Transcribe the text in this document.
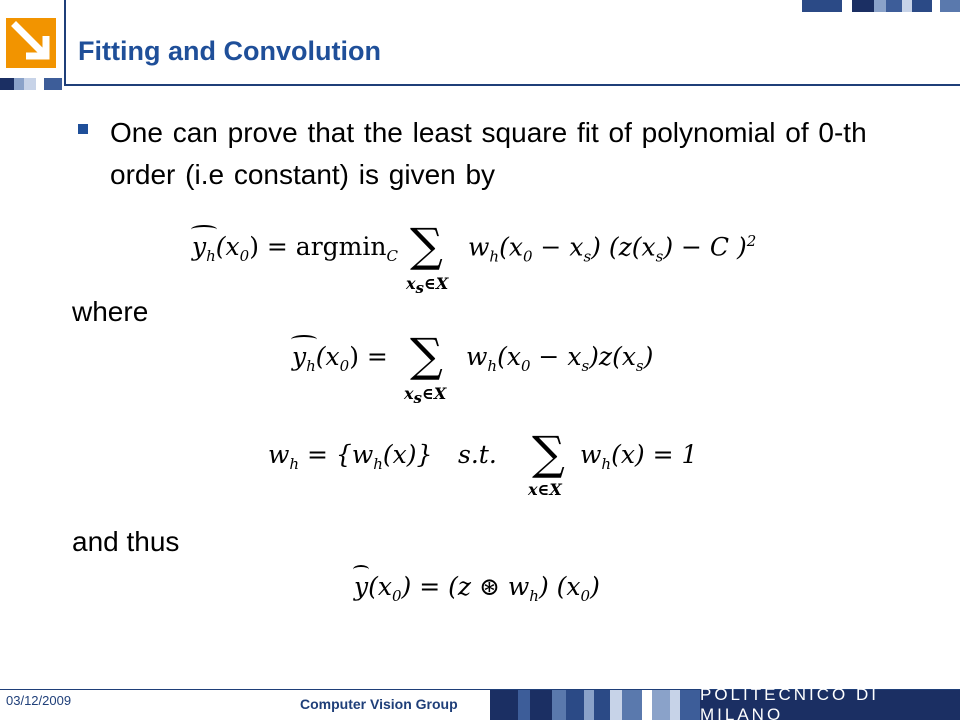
Fitting and Convolution
One can prove that the least square fit of polynomial of 0-th order (i.e constant) is given by
$y_h(x_0) = argmin_C$ ∑
$x_s\in X$
$w_h(x_0 - x_s) (z(x_s) - C$ )$^2$
where
$y_h(x_0)$ = ∑
$x_s\in X$
$w_h(x_0 - x_s)z(x_s)$
$w_h = \{w_h(x)\}$ s.t. ∑
x∈X
$w_h(x) = 1$
and thus
$y(x_0) = (z$ ⊛ $w_h$) $(x_0)$
03/12/2009	Computer Vision Group	POLITECNICO DI MILANO
